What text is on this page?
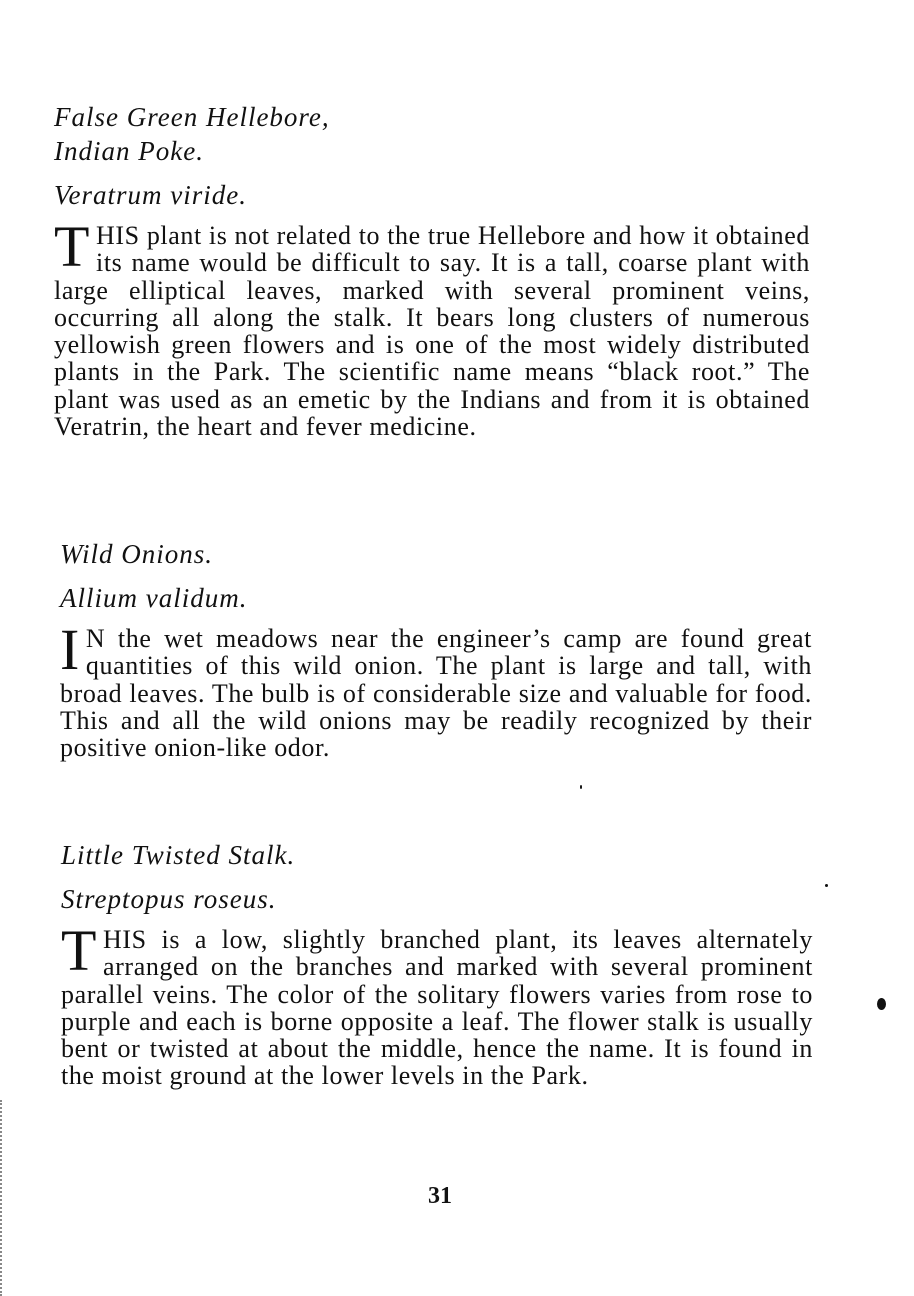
False Green Hellebore,

Indian Poke.

Veratrum viride.

THIS plant is not related to the true Hellebore and how it obtained its name would be difficult to say. It is a tall, coarse plant with large elliptical leaves, marked with several prominent veins, occurring all along the stalk. It bears long clusters of numerous yellowish green flowers and is one of the most widely distributed plants in the Park. The scientific name means “black root.” The plant was used as an emetic by the Indians and from it is obtained Veratrin, the heart and fever medicine.

Wild Onions.

Allium validum.

I N the wet meadows near the engineer’s camp are found great quantities of this wild onion. The plant is large and tall, with broad leaves. The bulb is of considerable size and valuable for food. This and all the wild onions may be readily recognized by their positive onion-like odor.

Little Twisted Stalk.

Streptopus roseus.

THIS is a low, slightly branched plant, its leaves alternately arranged on the branches and marked with several prominent parallel veins. The color of the solitary flowers varies from rose to purple and each is borne opposite a leaf. The flower stalk is usually bent or twisted at about the middle, hence the name. It is found in the moist ground at the lower levels in the Park.

31
